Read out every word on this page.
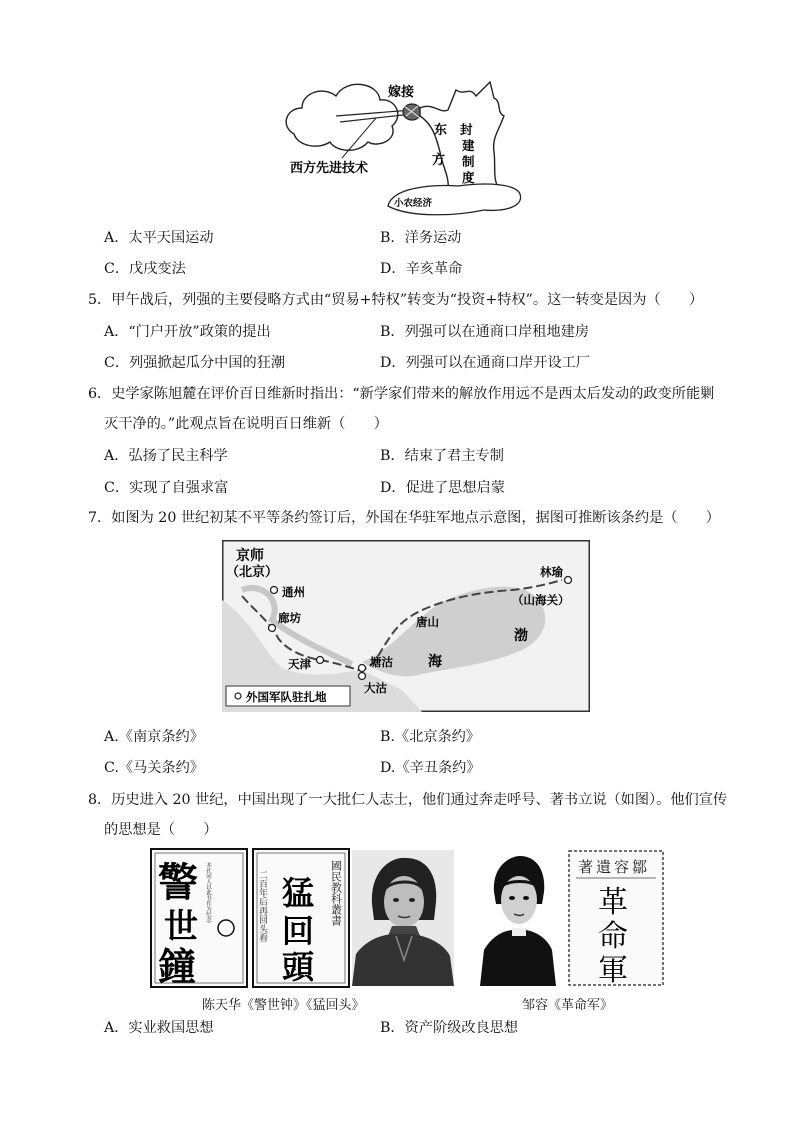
嫁接
东
方
封
建
制
度
西方先进技术
小农经济
A．太平天国运动	B．洋务运动
C．戊戌变法	D．辛亥革命
5．甲午战后，列强的主要侵略方式由“贸易+特权”转变为“投资+特权”。这一转变是因为（　　）
A．“门户开放”政策的提出	B．列强可以在通商口岸租地建房
C．列强掀起瓜分中国的狂潮	D．列强可以在通商口岸开设工厂
6．史学家陈旭麓在评价百日维新时指出：“新学家们带来的解放作用远不是西太后发动的政变所能剿
灭干净的。”此观点旨在说明百日维新（　　）
A．弘扬了民主科学	B．结束了君主专制
C．实现了自强求富	D．促进了思想启蒙
7．如图为 20 世纪初某不平等条约签订后，外国在华驻军地点示意图，据图可推断该条约是（　　）
京师
（北京）
通州
廊坊
天津	塘沽
大沽
唐山
林瑜
（山海关）
渤
海
外国军队驻扎地
A.《南京条约》	B.《北京条约》
C.《马关条约》	D.《辛丑条约》
8．历史进入 20 世纪，中国出现了一大批仁人志士，他们通过奔走呼号、著书立说（如图）。他们宣传
的思想是（　　）
警
世
鐘
本社同人以此书作为纪念	國民教科叢書
二百年后再回头看 猛
回
頭
著遺容鄒
革
命
軍
陈天华《警世钟》《猛回头》	邹容《革命军》
A．实业救国思想	B．资产阶级改良思想
